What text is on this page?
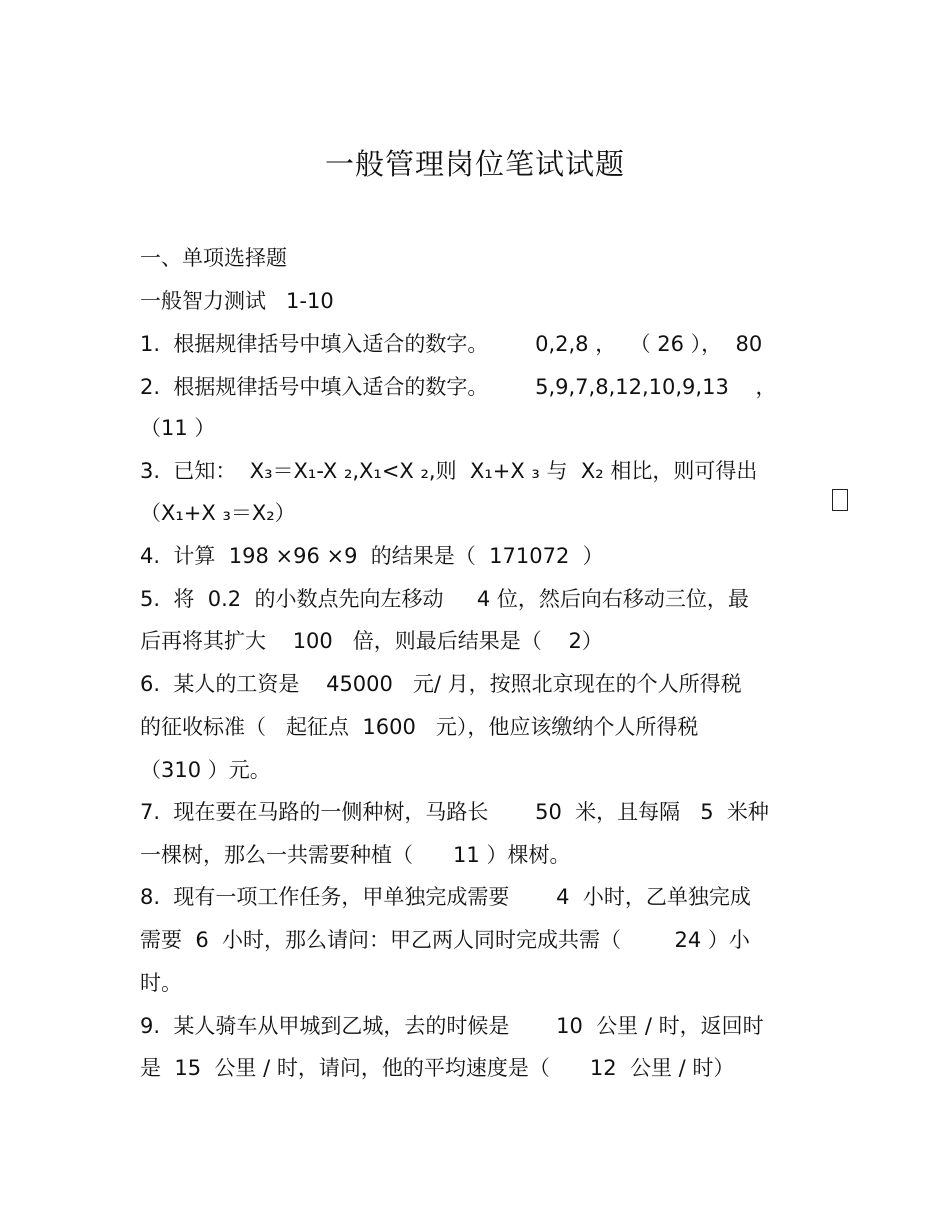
一般管理岗位笔试试题
一、单项选择题
一般智力测试   1-10
1.  根据规律括号中填入适合的数字。       0,2,8 ，  （ 26 ），  80
2.  根据规律括号中填入适合的数字。       5,9,7,8,12,10,9,13    ，
（11 ）
3.  已知：  X₃＝X₁-X ₂,X₁<X ₂,则  X₁+X ₃ 与  X₂ 相比，则可得出
（X₁+X ₃＝X₂）
4.  计算  198 ×96 ×9  的结果是（  171072  ）
5.  将  0.2  的小数点先向左移动     4 位，然后向右移动三位，最
后再将其扩大    100   倍，则最后结果是（    2）
6.  某人的工资是    45000   元/ 月，按照北京现在的个人所得税
的征收标准（   起征点  1600   元），他应该缴纳个人所得税
（310 ）元。
7.  现在要在马路的一侧种树，马路长       50  米，且每隔   5  米种
一棵树，那么一共需要种植（      11 ）棵树。
8.  现有一项工作任务，甲单独完成需要       4  小时，乙单独完成
需要  6  小时，那么请问：甲乙两人同时完成共需（        24 ）小
时。
9.  某人骑车从甲城到乙城，去的时候是       10  公里 / 时，返回时
是  15  公里 / 时，请问，他的平均速度是（      12  公里 / 时）
